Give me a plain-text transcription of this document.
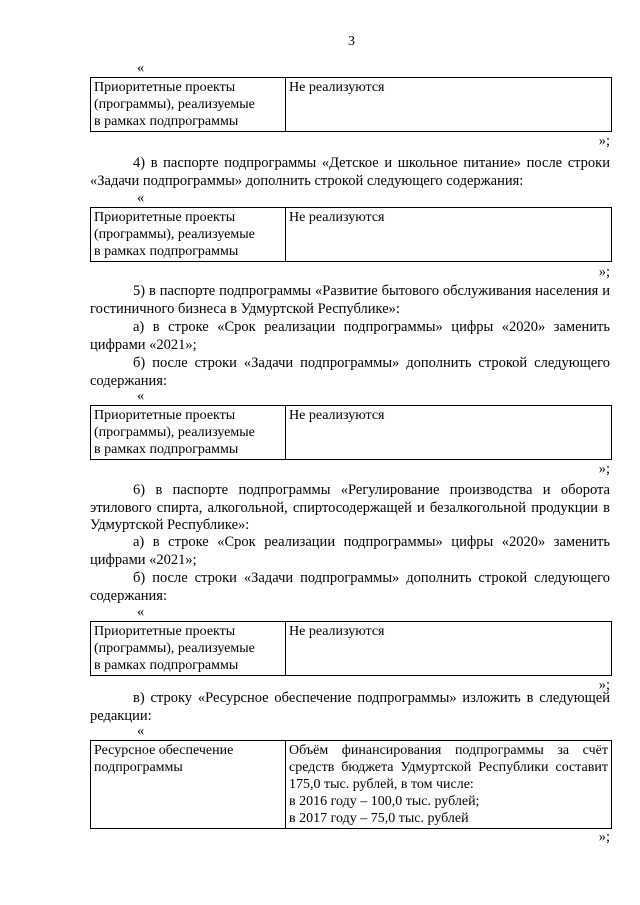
3
«
Приоритетные проекты
(программы), реализуемые
в рамках подпрограммы
	Не реализуются
»;
4) в паспорте подпрограммы «Детское и школьное питание» после строки «Задачи подпрограммы» дополнить строкой следующего содержания:
«
Приоритетные проекты
(программы), реализуемые
в рамках подпрограммы
	Не реализуются
»;
5) в паспорте подпрограммы «Развитие бытового обслуживания населения и гостиничного бизнеса в Удмуртской Республике»:
а) в строке «Срок реализации подпрограммы» цифры «2020» заменить цифрами «2021»;
б) после строки «Задачи подпрограммы» дополнить строкой следующего содержания:
«
Приоритетные проекты
(программы), реализуемые
в рамках подпрограммы
	Не реализуются
»;
6) в паспорте подпрограммы «Регулирование производства и оборота этилового спирта, алкогольной, спиртосодержащей и безалкогольной продукции в Удмуртской Республике»:
а) в строке «Срок реализации подпрограммы» цифры «2020» заменить цифрами «2021»;
б) после строки «Задачи подпрограммы» дополнить строкой следующего содержания:
«
Приоритетные проекты
(программы), реализуемые
в рамках подпрограммы
	Не реализуются
»;
в) строку «Ресурсное обеспечение подпрограммы» изложить в следующей редакции:
«
Ресурсное обеспечение
подпрограммы

Объём финансирования подпрограммы за счёт средств бюджета Удмуртской Республики составит 175,0 тыс. рублей, в том числе:
в 2016 году – 100,0 тыс. рублей;
в 2017 году – 75,0 тыс. рублей
»;
